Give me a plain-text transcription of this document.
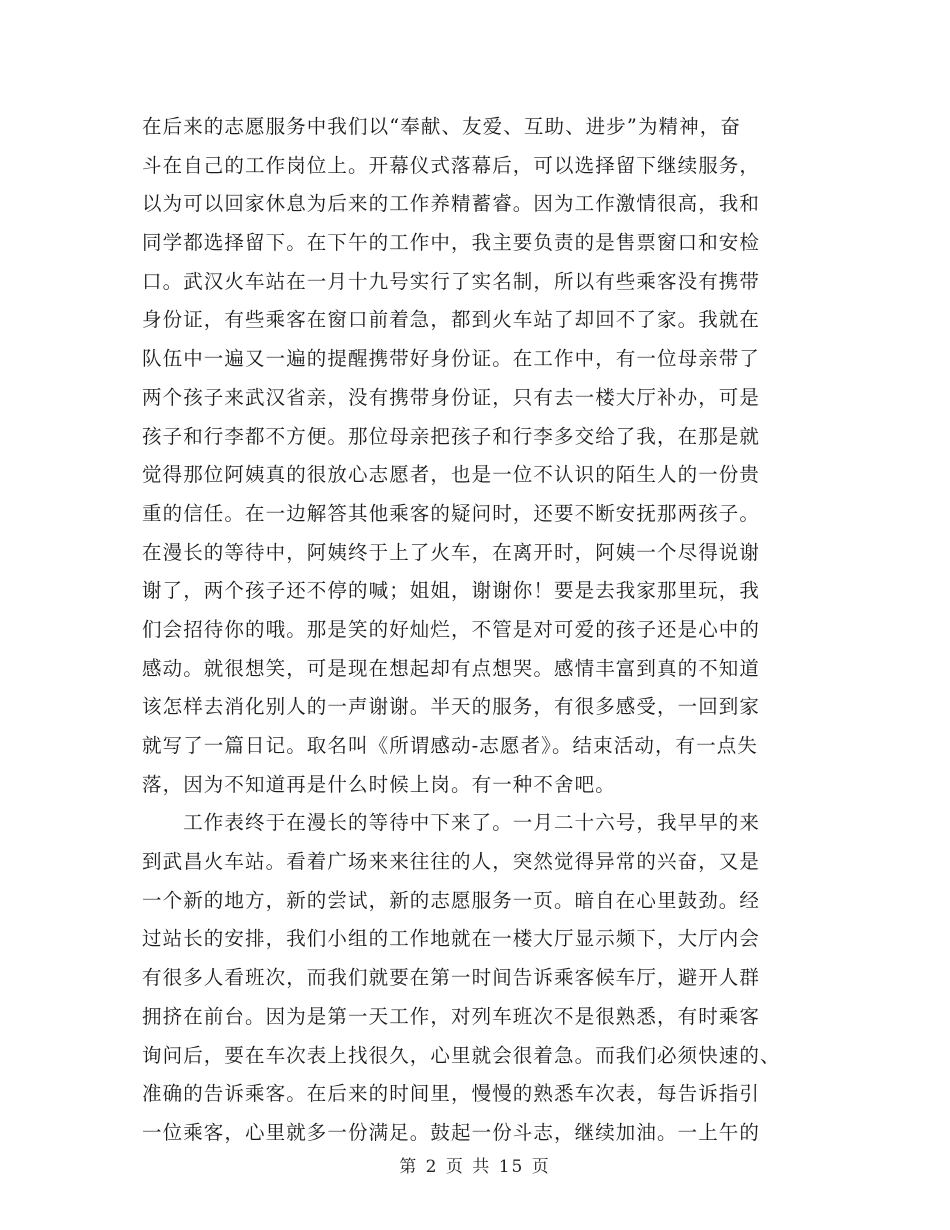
在后来的志愿服务中我们以“奉献、友爱、互助、进步”为精神，奋
斗在自己的工作岗位上。开幕仪式落幕后，可以选择留下继续服务，
以为可以回家休息为后来的工作养精蓄睿。因为工作激情很高，我和
同学都选择留下。在下午的工作中，我主要负责的是售票窗口和安检
口。武汉火车站在一月十九号实行了实名制，所以有些乘客没有携带
身份证，有些乘客在窗口前着急，都到火车站了却回不了家。我就在
队伍中一遍又一遍的提醒携带好身份证。在工作中，有一位母亲带了
两个孩子来武汉省亲，没有携带身份证，只有去一楼大厅补办，可是
孩子和行李都不方便。那位母亲把孩子和行李多交给了我，在那是就
觉得那位阿姨真的很放心志愿者，也是一位不认识的陌生人的一份贵
重的信任。在一边解答其他乘客的疑问时，还要不断安抚那两孩子。
在漫长的等待中，阿姨终于上了火车，在离开时，阿姨一个尽得说谢
谢了，两个孩子还不停的喊；姐姐，谢谢你！要是去我家那里玩，我
们会招待你的哦。那是笑的好灿烂，不管是对可爱的孩子还是心中的
感动。就很想笑，可是现在想起却有点想哭。感情丰富到真的不知道
该怎样去消化别人的一声谢谢。半天的服务，有很多感受，一回到家
就写了一篇日记。取名叫《所谓感动-志愿者》。结束活动，有一点失
落，因为不知道再是什么时候上岗。有一种不舍吧。
　　工作表终于在漫长的等待中下来了。一月二十六号，我早早的来
到武昌火车站。看着广场来来往往的人，突然觉得异常的兴奋，又是
一个新的地方，新的尝试，新的志愿服务一页。暗自在心里鼓劲。经
过站长的安排，我们小组的工作地就在一楼大厅显示频下，大厅内会
有很多人看班次，而我们就要在第一时间告诉乘客候车厅，避开人群
拥挤在前台。因为是第一天工作，对列车班次不是很熟悉，有时乘客
询问后，要在车次表上找很久，心里就会很着急。而我们必须快速的、
准确的告诉乘客。在后来的时间里，慢慢的熟悉车次表，每告诉指引
一位乘客，心里就多一份满足。鼓起一份斗志，继续加油。一上午的
第 2 页 共 15 页
